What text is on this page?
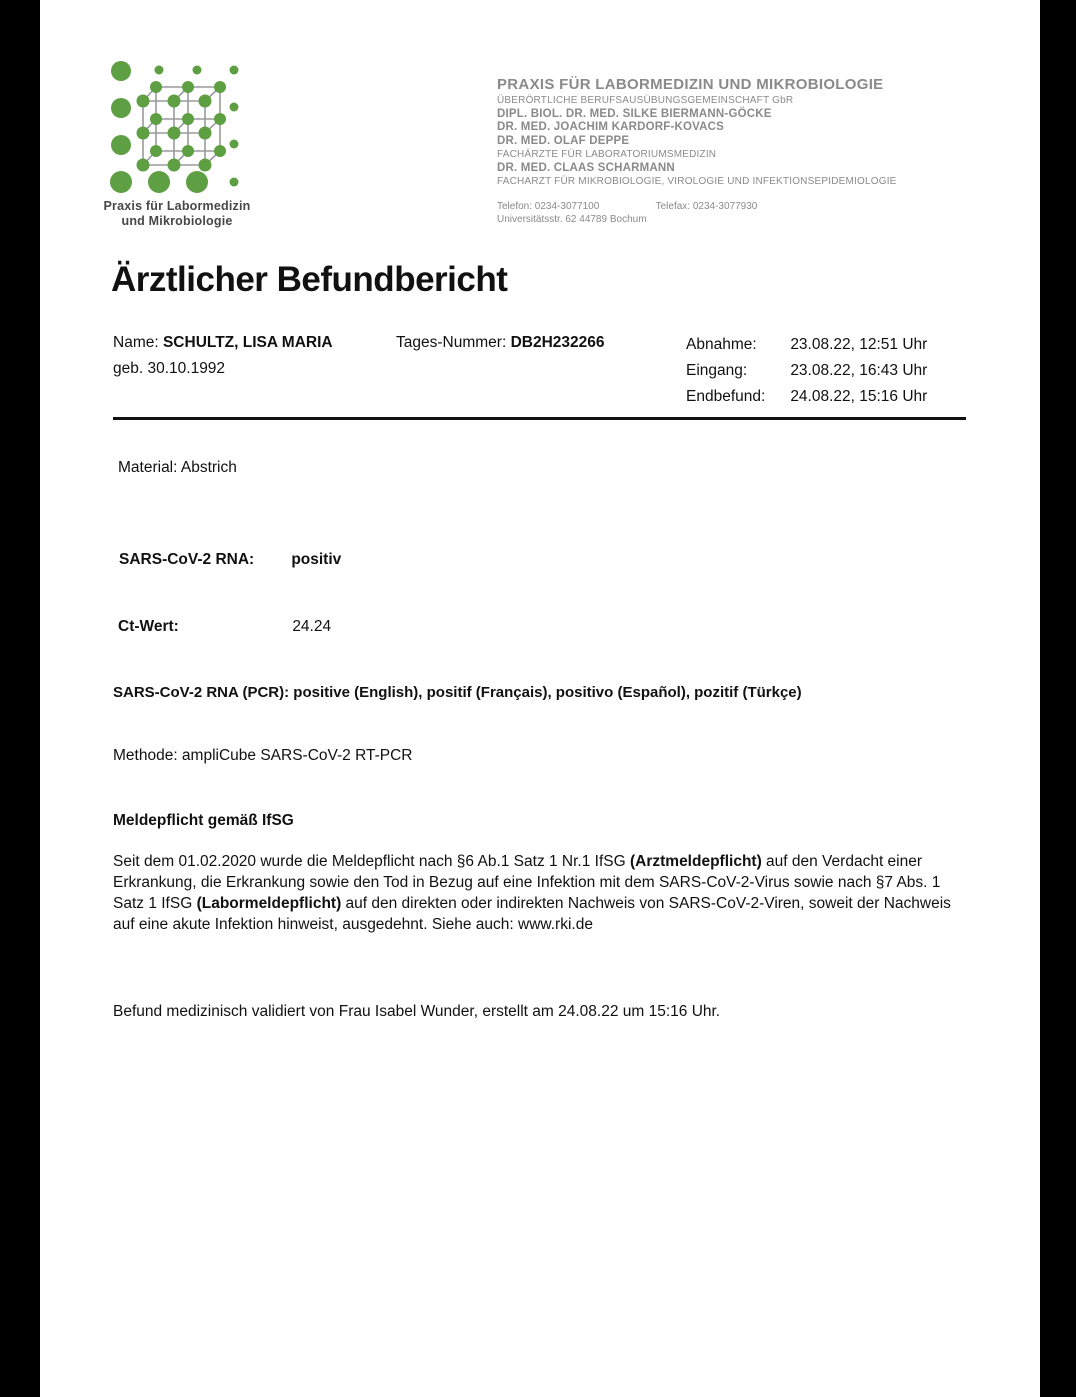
Praxis für Labormedizin
und Mikrobiologie
PRAXIS FÜR LABORMEDIZIN UND MIKROBIOLOGIE
ÜBERÖRTLICHE BERUFSAUSÜBUNGSGEMEINSCHAFT GbR
DIPL. BIOL. DR. MED. SILKE BIERMANN-GÖCKE
DR. MED. JOACHIM KARDORF-KOVACS
DR. MED. OLAF DEPPE
FACHÄRZTE FÜR LABORATORIUMSMEDIZIN
DR. MED. CLAAS SCHARMANN
FACHARZT FÜR MIKROBIOLOGIE, VIROLOGIE UND INFEKTIONSEPIDEMIOLOGIE
Telefon: 0234-3077100	Telefax: 0234-3077930
Universitätsstr. 62 44789 Bochum
Ärztlicher Befundbericht
Name: SCHULTZ, LISA MARIA
geb. 30.10.1992
Tages-Nummer: DB2H232266	Abnahme: 23.08.22, 12:51 Uhr
Eingang:	23.08.22, 16:43 Uhr
Endbefund: 24.08.22, 15:16 Uhr
Material: Abstrich
SARS-CoV-2 RNA: positiv
Ct-Wert:	24.24
SARS-CoV-2 RNA (PCR): positive (English), positif (Français), positivo (Español), pozitif (Türkçe)
Methode: ampliCube SARS-CoV-2 RT-PCR
Meldepflicht gemäß IfSG
Seit dem 01.02.2020 wurde die Meldepflicht nach §6 Ab.1 Satz 1 Nr.1 IfSG (Arztmeldepflicht) auf den Verdacht einer Erkrankung, die Erkrankung sowie den Tod in Bezug auf eine Infektion mit dem SARS-CoV-2-Virus sowie nach §7 Abs. 1 Satz 1 IfSG (Labormeldepflicht) auf den direkten oder indirekten Nachweis von SARS-CoV-2-Viren, soweit der Nachweis auf eine akute Infektion hinweist, ausgedehnt. Siehe auch: www.rki.de
Befund medizinisch validiert von Frau Isabel Wunder, erstellt am 24.08.22 um 15:16 Uhr.
